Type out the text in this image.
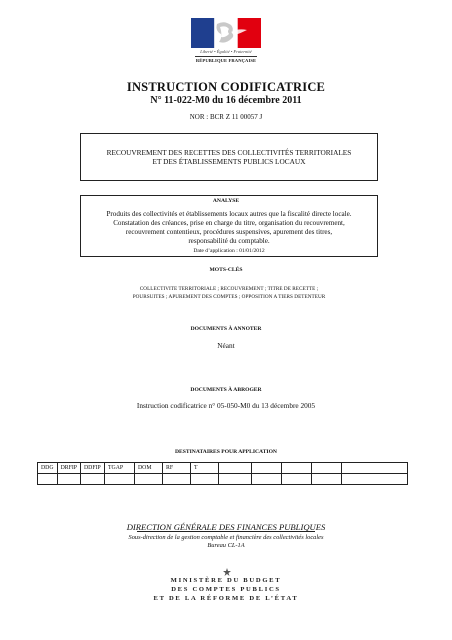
Liberté • Égalité • Fraternité
RÉPUBLIQUE FRANÇAISE
INSTRUCTION CODIFICATRICE
N° 11-022-M0 du 16 décembre 2011
NOR : BCR Z 11 00057 J
RECOUVREMENT DES RECETTES DES COLLECTIVITÉS TERRITORIALES
ET DES ÉTABLISSEMENTS PUBLICS LOCAUX
ANALYSE
Produits des collectivités et établissements locaux autres que la fiscalité directe locale.
Constatation des créances, prise en charge du titre, organisation du recouvrement,
recouvrement contentieux, procédures suspensives, apurement des titres,
responsabilité du comptable.
Date d’application : 01/01/2012
MOTS-CLÉS
COLLECTIVITE TERRITORIALE ; RECOUVREMENT ; TITRE DE RECETTE ;
POURSUITES ; APUREMENT DES COMPTES ; OPPOSITION A TIERS DETENTEUR
DOCUMENTS À ANNOTER
Néant
DOCUMENTS À ABROGER
Instruction codificatrice n° 05-050-M0 du 13 décembre 2005
DESTINATAIRES POUR APPLICATION
DDG	DRFIP	DDFIP	TGAP	DOM	RF	T					

DIRECTION GÉNÉRALE DES FINANCES PUBLIQUES
Sous-direction de la gestion comptable et financière des collectivités locales
Bureau CL-1A
MINISTÈRE DU BUDGET
DES COMPTES PUBLICS
ET DE LA RÉFORME DE L’ÉTAT
